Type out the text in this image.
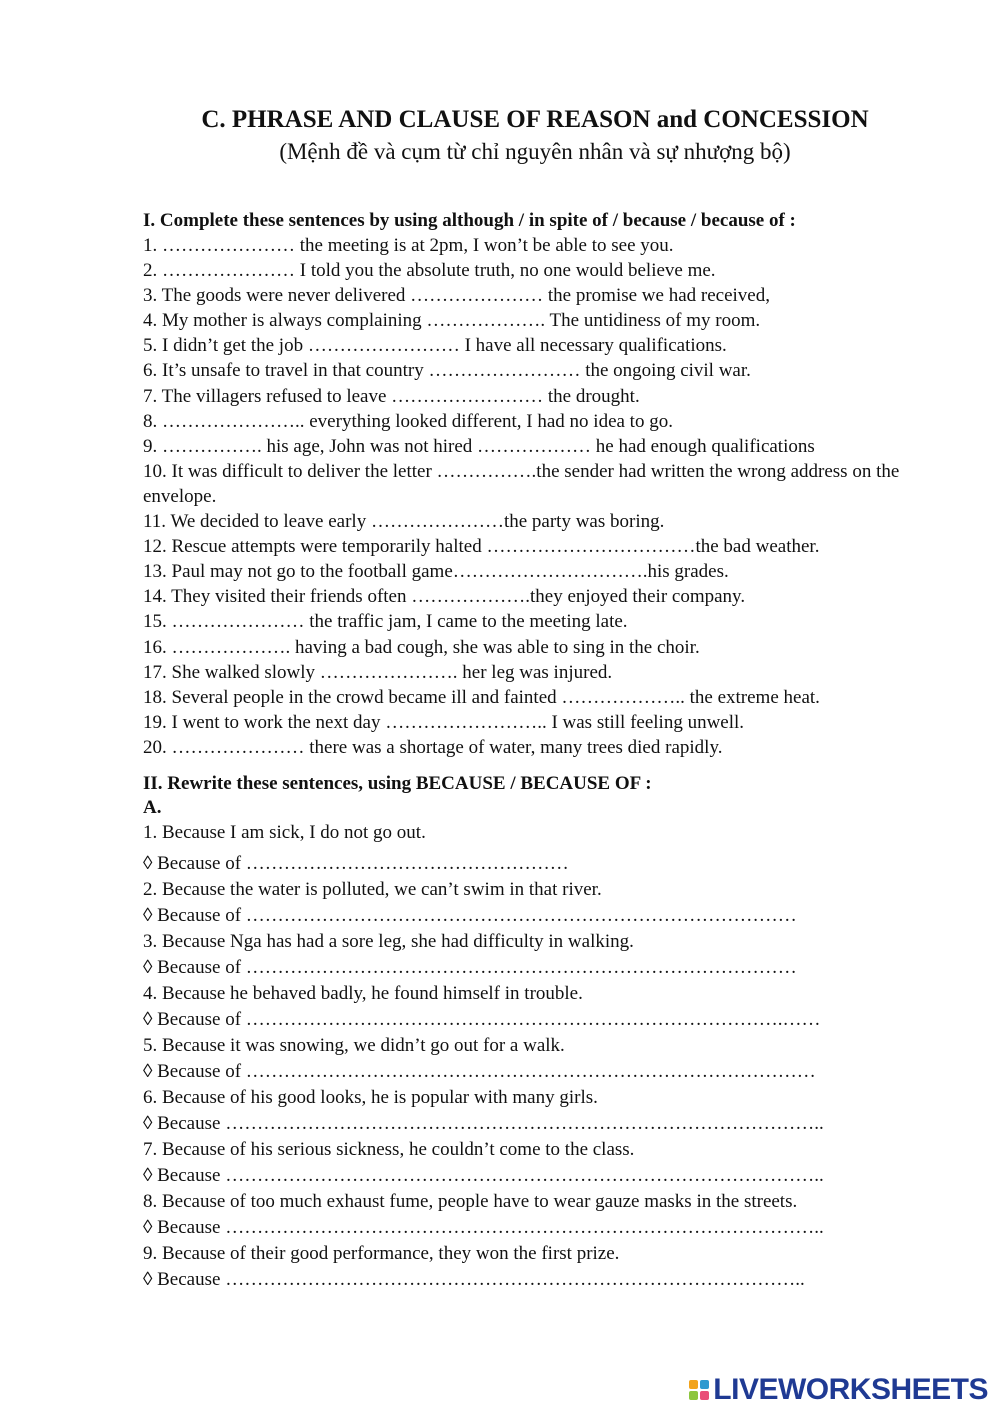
C. PHRASE AND CLAUSE OF REASON and CONCESSION
(Mệnh đề và cụm từ chỉ nguyên nhân và sự nhượng bộ)
I. Complete these sentences by using although / in spite of / because / because of :
1. ………………… the meeting is at 2pm, I won’t be able to see you.
2. ………………… I told you the absolute truth, no one would believe me.
3. The goods were never delivered ………………… the promise we had received,
4. My mother is always complaining ………………. The untidiness of my room.
5. I didn’t get the job …………………… I have all necessary qualifications.
6. It’s unsafe to travel in that country …………………… the ongoing civil war.
7. The villagers refused to leave …………………… the drought.
8. ………………….. everything looked different, I had no idea to go.
9. ……………. his age, John was not hired ……………… he had enough qualifications
10. It was difficult to deliver the letter …………….the sender had written the wrong address on the envelope.
11. We decided to leave early …………………the party was boring.
12. Rescue attempts were temporarily halted ……………………………the bad weather.
13. Paul may not go to the football game………………………….his grades.
14. They visited their friends often ……………….they enjoyed their company.
15. ………………… the traffic jam, I came to the meeting late.
16. ………………. having a bad cough, she was able to sing in the choir.
17. She walked slowly …………………. her leg was injured.
18. Several people in the crowd became ill and fainted ……………….. the extreme heat.
19. I went to work the next day …………………….. I was still feeling unwell.
20. ………………… there was a shortage of water, many trees died rapidly.
II. Rewrite these sentences, using BECAUSE / BECAUSE OF :
A.
1. Because I am sick, I do not go out.
◊ Because of ……………………………………………
2. Because the water is polluted, we can’t swim in that river.
◊ Because of ……………………………………………………………………………
3. Because Nga has had a sore leg, she had difficulty in walking.
◊ Because of ……………………………………………………………………………
4. Because he behaved badly, he found himself in trouble.
◊ Because of ………………………………………………………………………….……
5. Because it was snowing, we didn’t go out for a walk.
◊ Because of ………………………………………………………………………………
6. Because of his good looks, he is popular with many girls.
◊ Because …………………………………………………………………………………..
7. Because of his serious sickness, he couldn’t come to the class.
◊ Because …………………………………………………………………………………..
8. Because of too much exhaust fume, people have to wear gauze masks in the streets.
◊ Because …………………………………………………………………………………..
9. Because of their good performance, they won the first prize.
◊ Because ………………………………………………………………………………..
LIVEWORKSHEETS
